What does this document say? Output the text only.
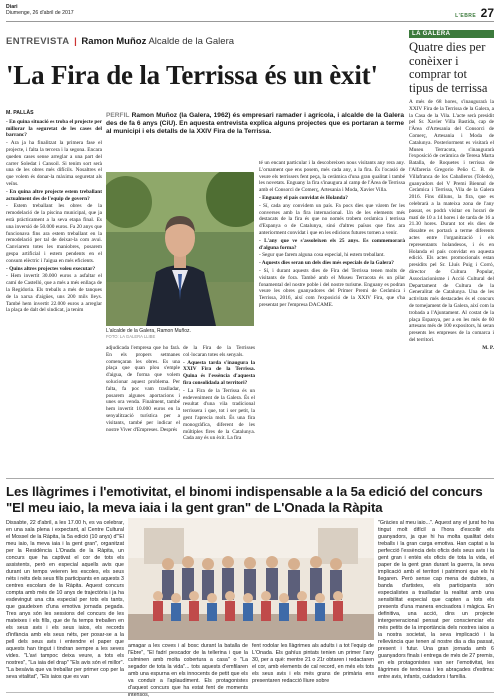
Diari
Diumenge, 26 d'abril de 2017	L'EBRE 27
ENTREVISTA | Ramon Muñoz Alcalde de la Galera
'La Fira de la Terrissa és un èxit'
M. PALLÀS

- En quina situació es troba el projecte per millorar la seguretat de les cases del barranc?

- Ara ja ha finalitzat la primera fase el projecte, i falta la tercera i la segona. Encara queden cases sense arreglar a una part del carrer Soledat i Cansoil. Si tenim sort serà una de les obres més difícils. Nosaltres el que volem és donar-la màxima seguretat als veïns.

- En quina altre projecte estem treballant actualment des de l'equip de govern?

- Estem treballant les obres de la remodelació de la piscina municipal, que ja està pràcticament a la seva etapa final. Es una inversió de 50.000 euros. Fa 20 anys que funcionava fins ara estem treballant en la remodelació per tal de deixar-la com avui. Canviarem totes les maniobres, posarem gespa artificial i estem pendents en el consum elèctric i l'aigua en més eficients.

- Quins altres projectes voleu executar?

- Hem invertit 30.000 euros a asfaltar el camí de Castelló, que a més a més enllaça de la Regidoria. Els treballs a més de tanques de la xarxa d'aigües, uns 200 mils lleys. També hem invertit 22.000 euros a arreglar la plaça de dalt del sindicat, ja tenim

PERFIL Ramon Muñoz (la Galera, 1962) és empresari ramader i agrícola, i alcalde de la Galera des de fa 6 anys (CiU). En aquesta entrevista explica alguns projectes que es portaran a terme al municipi i els detalls de la XXIV Fira de la Terrissa.
L'alcalde de la Galera, Ramon Muñoz.
FOTO: LA GALERA LLIBE

adjudicada l'empresa que ho farà. En els propers setmanes començaran les obres. Es una plaça que quan plou s'emple d'aigua, de forma que volem solucionar aquest problema. Per falta, fa poc vam traslladar, posarem algunes aportacions i unes ora venda. Finalment, també hem invertit 10.000 euros en la senyalització turística per a visitants, també per indicar el nostre Viver d'Empreses. Després

de la Fira de la Terrisses col·locaran totes els senyals.

- Aquesta tarda s'inaugura la XXIV Fira de la Terrissa. Quina és l'essència d'aquesta fira consolidada al territori?

- La Fira de la Terrissa és un esdeveniment de la Galera. És el resultat d'una vila tradicional terrissera i que, tot i ser petit, la gent l'aprecia molt. És una fira monogràfica, diferent de les múltiples fires de la Catalunya. Cada any és un èxit. La fira

té un encant particular i la descobreixen nous visitants any rera any. L'ornament que ens posem, més cada any, a la fira. És l'ocasió de veure els terrissers fent peça, la ceràmica d'una gran qualitat i també les novetats. Enguany la fira s'inaugura al camp de l'Àrea de Terrissa amb el Consorci de Comerç, Artesania i Moda, Xavier Villa.

- Enguany el país convidat és Holanda?

- Sí, cada any convidem un país. Fa pocs dies que vàrem fer les converses amb la fira internacional. Un de les elements més destacats de la fira és que no només trobem ceràmica i terrissa d'Espanya o de Catalunya, sinó d'altres països que fins ara anteriorment convidat i que en les edicions futures tornen a venir.

- L'any que ve s'assoleixen els 25 anys. Es commemorarà d'alguna forma?

- Segur que farem alguna cosa especial, hi estem treballant.

- Aquests dies seran un dels dies més especials de la Galera?

- Sí, i durant aquests dies de Fira del Terrissa tenen molts de visitants de fora. També amb el Museu Terracota és un pilar fonamental del nostre poble i del nostre turisme. Enguany es podran veure les obres guanyadores del Primer Premi de Ceràmica i Terrissa, 2016, així com l'exposició de la XXIV Fira, que s'ha presentat per l'empresa DACAME.

LA GALERA
Quatre dies per conèixer i comprar tot tipus de terrissa

A més de 68 hores, s'inaugurarà la XXIV Fira de la Terrissa de la Galera, a la Casa de la Vila. L'acte serà presidit pel Sr. Xavier Villa Bastida, cap de l'Àrea d'Artesania del Consorci de Comerç, Artesania i Moda de Catalunya. Posteriorment es visitarà el Museu Terracota, s'inaugurarà l'exposició de ceràmica de Teresa Marta Batalla, de Roquetes i terrissa de l'Alfareria Gregorio Peño C. B. de Villafranca de los Caballeros (Toledo), guanyadors del V Premi Biennal de Ceràmica i Terrissa, Vila de la Galera 2016. Fins dilluns, la fira, que es celebrarà a la mateixa zona de l'any passat, es podrà visitar en horari de matí de 10 a 14 hores i de tarda de 16 a 21.30 hores. Durant tot els dies de dissabte es portarà a terme diferents actes entre l'organització i els representants holandesos, i és en Holanda el país convidat en aquesta edició. Els actes promocionals estan presidits pel Sr. Lluís Puig i Corró, director de Cultura Popular, Associacionisme i Acció Cultural del Departament de Cultura de la Generalitat de Catalunya. Una de les activitats més destacades és el concurs de tornejament de la Galera, així com la trobada a l'Ajuntament. Al costat de la plaça Espanya, per a en les més de 60 artesans més de 100 expositors, hi seran presents les empreses de la comarca i del territori.

M. P.

Les llàgrimes i l'emotivitat, el binomi indispensable a la 5a edició del concurs "El meu iaio, la meva iaia i la gent gran" de L'Onada la Ràpita

Dissabte, 22 d'abril, a les 17.00 h, es va celebrar, en una sala plena i expectant, al Centre Cultural el Mossel de la Ràpita, la 5a edició (10 anys) d'"El meu iaio, la meva iaia i la gent gran", organitzat per la Residència L'Onada de la Ràpita, un concurs que ha captivat el cor de tots els assistents, però en especial aquells avis que durant un temps veieren les escoles, els seus néts i néts dels seus fills participants en aquests 3 centres escolars de la Ràpita. Aquest concurs compta amb més de 10 anys de trajectòria i ja ha esdevingut una cita especial per tots els tants, que gaudeixen d'una emotiva jornada pegada. Tres anys són les sessions del concurs de les mateixes i els fills, que de fa temps treballen en els seus avis i els seus iaios, els records d'infància amb els seus néts, per posar-se a la pell dels seus avis i entendre el paper que aquests han tingut i tindran sempre a les seves vides. "L'avi tampoc deixa veure, a tots els nostres", "La iaia del drap" "Els avis són el millor". "La besàvia que va treballar per primer cop per la seva vitalitat", "Els iaios que es van

amagar a les coves i al bosc durant la batalla de l'Ebre", "El fadrí pescador de la tellerina i que la culminen amb molta cobertura a casa" o "La segador de tota la vida"... tots aquests d'emfilaren amb una espurna en els innocents de petit que els va conduir a l'aplaudiment. Els protagonistes d'aquest concurs que ha estat fent de moments intensos,

fent rodolar les llàgrimes als adults i a tot l'equip de L'Onada. Els gahíus pintats tenien un primer l'any 30, per a què: mentre 21 o 21r obtaren i redactaren el cor, amb elements de cal record, en més els tots els seus avis i els més grans de primària ens presentaren redacció lliure sobre

"Gràcies al meu iaio...". Aquest any el jurat ho ha tingut molt difícil a l'hora d'escollir els guanyadors, ja que hi ha molta qualitat dels treballs i la gran carga emotiva. Han captat a la perfecció l'essència dels oficis dels seus avis i la gent gran i entès els oficis de tota la vida, el paper de la gent gran durant la guerra, la seva implicació amb el territori i patrimoni que els hi llegaren. Però sense cap mena de dubtes, a banda d'artistes, els participants són especialistes a traslladar la realitat amb una sensibilitat especial que capten a tots els presents d'una manera encisadora i màgica. En definitiva, una acció, dins un projecte intergeneracional pensat per conscienciar els més petits de la importància dels nostres iaios a la nostra societat, la seva implicació i la rellevància que tenen al nostre dia a dia passat, present i futur. Una gran jornada amb 6 guanyadors finals i entrega de més de 27 premis, en els protagonistes van ser l'emotivitat, les llàgrimes de tendresa i les abraçades d'estima: entre avis, infants, cuidadors i família.
